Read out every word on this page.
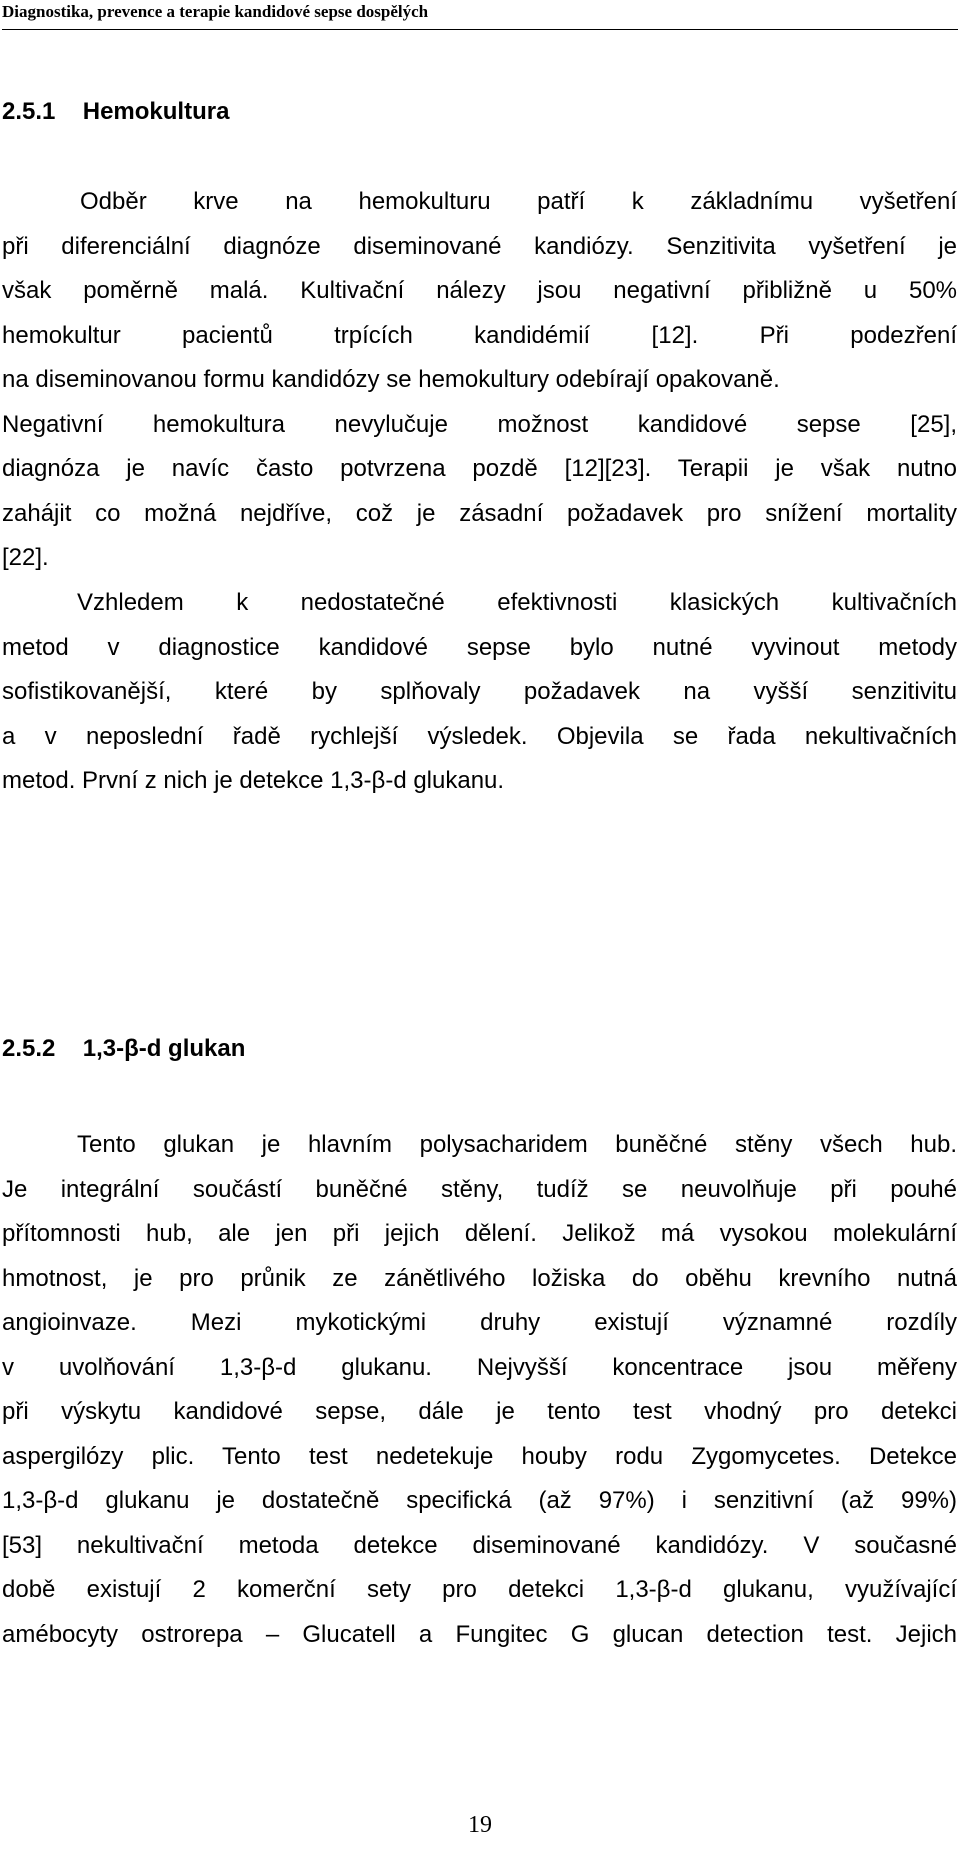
Diagnostika, prevence a terapie kandidové sepse dospělých
2.5.1 Hemokultura
Odběr krve na hemokulturu patří k základnímu vyšetření
při diferenciální diagnóze diseminované kandiózy. Senzitivita vyšetření je
však poměrně malá. Kultivační nálezy jsou negativní přibližně u 50%
hemokultur pacientů trpících kandidémií [12]. Při podezření
na diseminovanou formu kandidózy se hemokultury odebírají opakovaně.
Negativní hemokultura nevylučuje možnost kandidové sepse [25],
diagnóza je navíc často potvrzena pozdě [12][23]. Terapii je však nutno
zahájit co možná nejdříve, což je zásadní požadavek pro snížení mortality
[22].
Vzhledem k nedostatečné efektivnosti klasických kultivačních
metod v diagnostice kandidové sepse bylo nutné vyvinout metody
sofistikovanější, které by splňovaly požadavek na vyšší senzitivitu
a v neposlední řadě rychlejší výsledek. Objevila se řada nekultivačních
metod. První z nich je detekce 1,3-β-d glukanu.
2.5.2 1,3-β-d glukan
Tento glukan je hlavním polysacharidem buněčné stěny všech hub.
Je integrální součástí buněčné stěny, tudíž se neuvolňuje při pouhé
přítomnosti hub, ale jen při jejich dělení. Jelikož má vysokou molekulární
hmotnost, je pro průnik ze zánětlivého ložiska do oběhu krevního nutná
angioinvaze. Mezi mykotickými druhy existují významné rozdíly
v uvolňování 1,3-β-d glukanu. Nejvyšší koncentrace jsou měřeny
při výskytu kandidové sepse, dále je tento test vhodný pro detekci
aspergilózy plic. Tento test nedetekuje houby rodu Zygomycetes. Detekce
1,3-β-d glukanu je dostatečně specifická (až 97%) i senzitivní (až 99%)
[53] nekultivační metoda detekce diseminované kandidózy. V současné
době existují 2 komerční sety pro detekci 1,3-β-d glukanu, využívající
amébocyty ostrorepa – Glucatell a Fungitec G glucan detection test. Jejich
19
